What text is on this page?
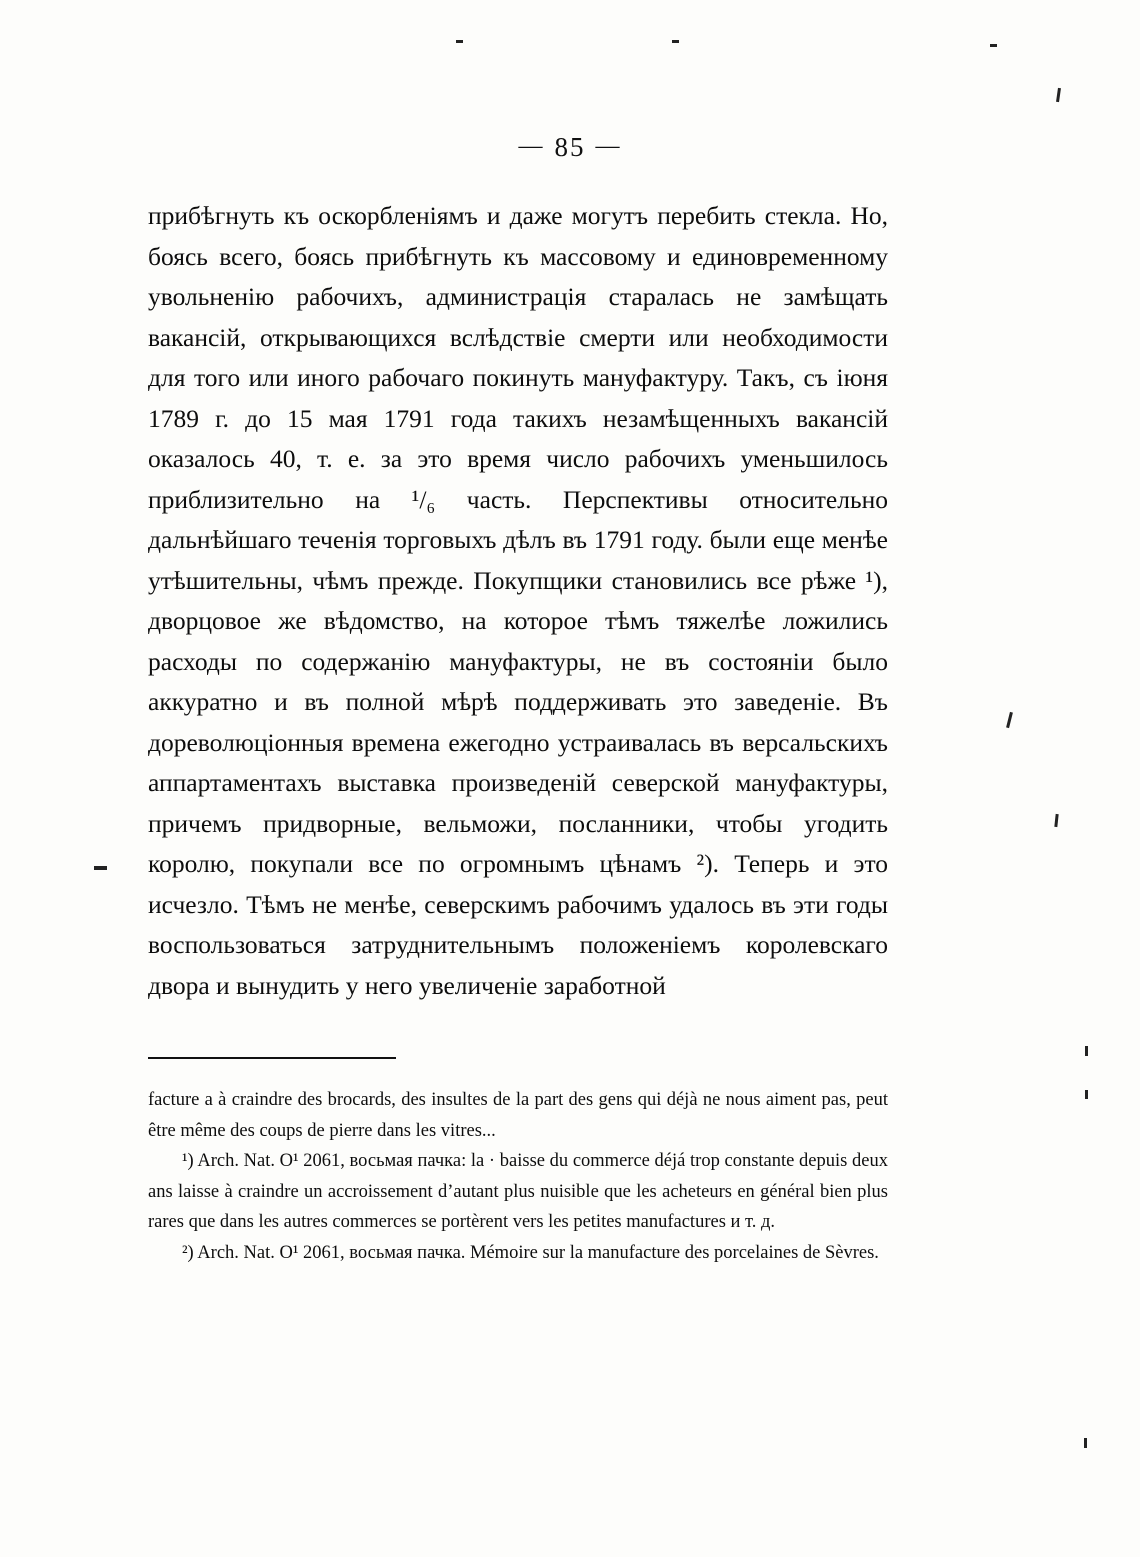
— 85 —

прибѣгнуть къ оскорбленіямъ и даже могутъ перебить стекла. Но, боясь всего, боясь прибѣгнуть къ массовому и единовременному увольненію рабочихъ, администрація старалась не замѣщать вакансій, открывающихся вслѣдствіе смерти или необходимости для того или иного рабочаго покинуть мануфактуру. Такъ, съ іюня 1789 г. до 15 мая 1791 года такихъ незамѣщенныхъ вакансій оказалось 40, т. е. за это время число рабочихъ уменьшилось приблизительно на ¹/₆ часть. Перспективы относительно дальнѣйшаго теченія торговыхъ дѣлъ въ 1791 году. были еще менѣе утѣшительны, чѣмъ прежде. Покупщики становились все рѣже ¹), дворцовое же вѣдомство, на которое тѣмъ тяжелѣе ложились расходы по содержанію мануфактуры, не въ состояніи было аккуратно и въ полной мѣрѣ поддерживать это заведеніе. Въ дореволюціонныя времена ежегодно устраивалась въ версальскихъ аппартаментахъ выставка произведеній северской мануфактуры, причемъ придворные, вельможи, посланники, чтобы угодить королю, покупали все по огромнымъ цѣнамъ ²). Теперь и это исчезло. Тѣмъ не менѣе, северскимъ рабочимъ удалось въ эти годы воспользоваться затруднительнымъ положеніемъ королевскаго двора и вынудить у него увеличеніе заработной

facture a à craindre des brocards, des insultes de la part des gens qui déjà ne nous aiment pas, peut être même des coups de pierre dans les vitres...

¹) Arch. Nat. O¹ 2061, восьмая пачка: la · baisse du commerce déjá trop constante depuis deux ans laisse à craindre un accroissement d’autant plus nuisible que les acheteurs en général bien plus rares que dans les autres commerces se portèrent vers les petites manufactures и т. д.

²) Arch. Nat. O¹ 2061, восьмая пачка. Mémoire sur la manufacture des porcelaines de Sèvres.
